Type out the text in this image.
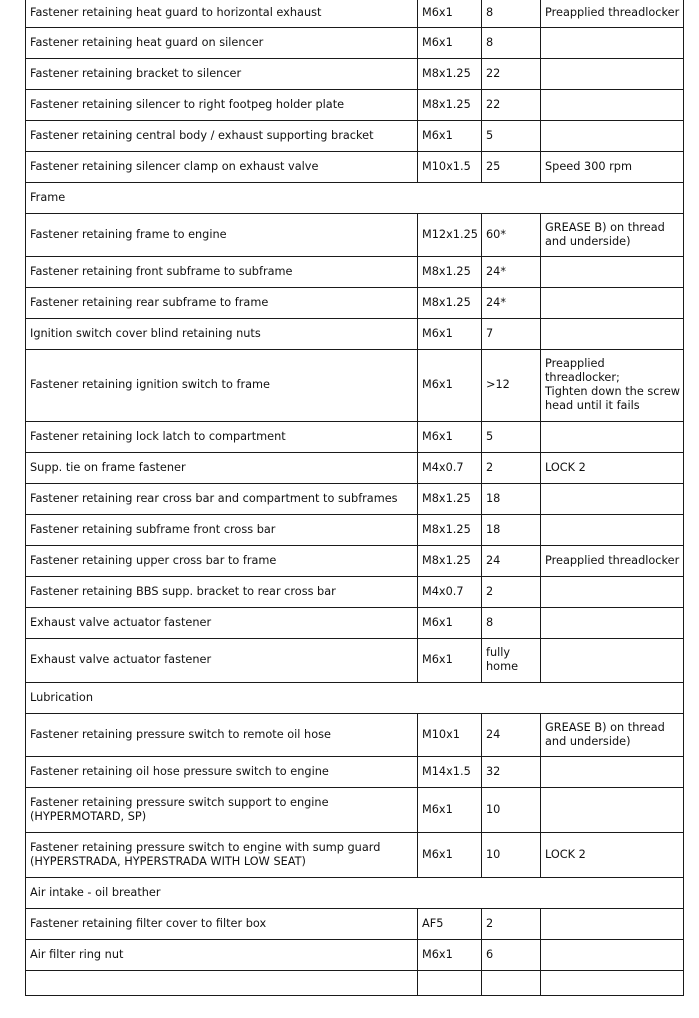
Fastener retaining heat guard to horizontal exhaust	M6x1	8	Preapplied threadlocker
Fastener retaining heat guard on silencer	M6x1	8	
Fastener retaining bracket to silencer	M8x1.25	22	
Fastener retaining silencer to right footpeg holder plate	M8x1.25	22	
Fastener retaining central body / exhaust supporting bracket	M6x1	5	
Fastener retaining silencer clamp on exhaust valve	M10x1.5	25	Speed 300 rpm
Frame			
Fastener retaining frame to engine	M12x1.25	60*	GREASE B) on thread
and underside)
Fastener retaining front subframe to subframe	M8x1.25	24*	
Fastener retaining rear subframe to frame	M8x1.25	24*	
Ignition switch cover blind retaining nuts	M6x1	7	
Fastener retaining ignition switch to frame	M6x1	>12	Preapplied
threadlocker;
Tighten down the screw
head until it fails
Fastener retaining lock latch to compartment	M6x1	5	
Supp. tie on frame fastener	M4x0.7	2	LOCK 2
Fastener retaining rear cross bar and compartment to subframes	M8x1.25	18	
Fastener retaining subframe front cross bar	M8x1.25	18	
Fastener retaining upper cross bar to frame	M8x1.25	24	Preapplied threadlocker
Fastener retaining BBS supp. bracket to rear cross bar	M4x0.7	2	
Exhaust valve actuator fastener	M6x1	8	
Exhaust valve actuator fastener	M6x1	fully
home	
Lubrication			
Fastener retaining pressure switch to remote oil hose	M10x1	24	GREASE B) on thread
and underside)
Fastener retaining oil hose pressure switch to engine	M14x1.5	32	
Fastener retaining pressure switch support to engine
(HYPERMOTARD, SP)	M6x1	10	
Fastener retaining pressure switch to engine with sump guard
(HYPERSTRADA, HYPERSTRADA WITH LOW SEAT)	M6x1	10	LOCK 2
Air intake - oil breather			
Fastener retaining filter cover to filter box	AF5	2	
Air filter ring nut	M6x1	6	
